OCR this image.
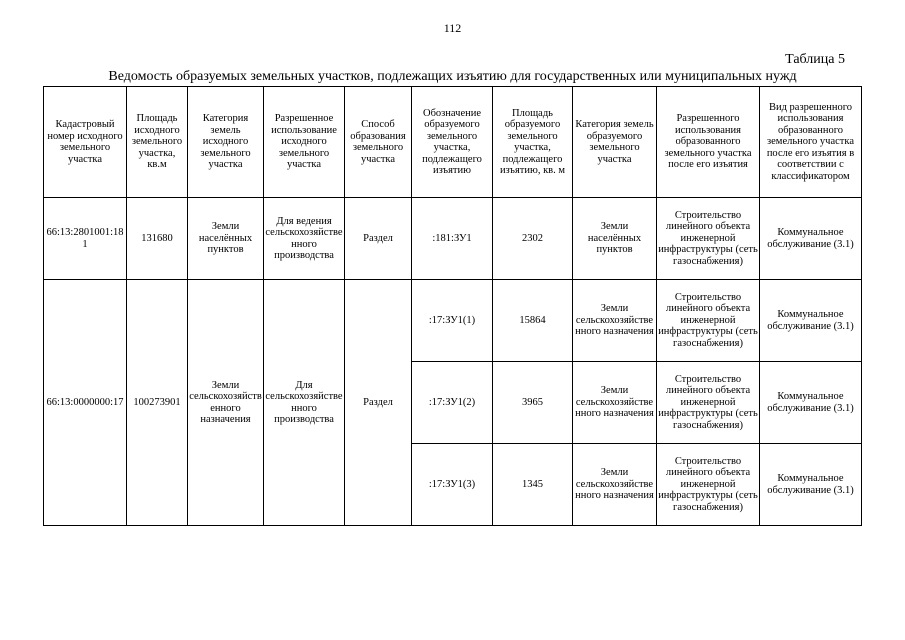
112
Таблица 5
Ведомость образуемых земельных участков, подлежащих изъятию для государственных или муниципальных нужд
Кадастровый номер исходного земельного участка	Площадь исходного земельного участка, кв.м	Категория земель исходного земельного участка	Разрешенное использование исходного земельного участка	Способ образования земельного участка	Обозначение образуемого земельного участка, подлежащего изъятию	Площадь образуемого земельного участка, подлежащего изъятию, кв. м	Категория земель образуемого земельного участка	Разрешенного использования образованного земельного участка после его изъятия	Вид разрешенного использования образованного земельного участка после его изъятия в соответствии с классификатором
66:13:2801001:181	131680	Земли населённых пунктов	Для ведения сельскохозяйственного производства	Раздел	:181:ЗУ1	2302	Земли населённых пунктов	Строительство линейного объекта инженерной инфраструктуры (сеть газоснабжения)	Коммунальное обслуживание (3.1)
66:13:0000000:17	100273901	Земли сельскохозяйственного назначения	Для сельскохозяйственного производства	Раздел	:17:ЗУ1(1)	15864	Земли сельскохозяйственного назначения	Строительство линейного объекта инженерной инфраструктуры (сеть газоснабжения)	Коммунальное обслуживание (3.1)
					:17:ЗУ1(2)	3965	Земли сельскохозяйственного назначения	Строительство линейного объекта инженерной инфраструктуры (сеть газоснабжения)	Коммунальное обслуживание (3.1)
					:17:ЗУ1(3)	1345	Земли сельскохозяйственного назначения	Строительство линейного объекта инженерной инфраструктуры (сеть газоснабжения)	Коммунальное обслуживание (3.1)
